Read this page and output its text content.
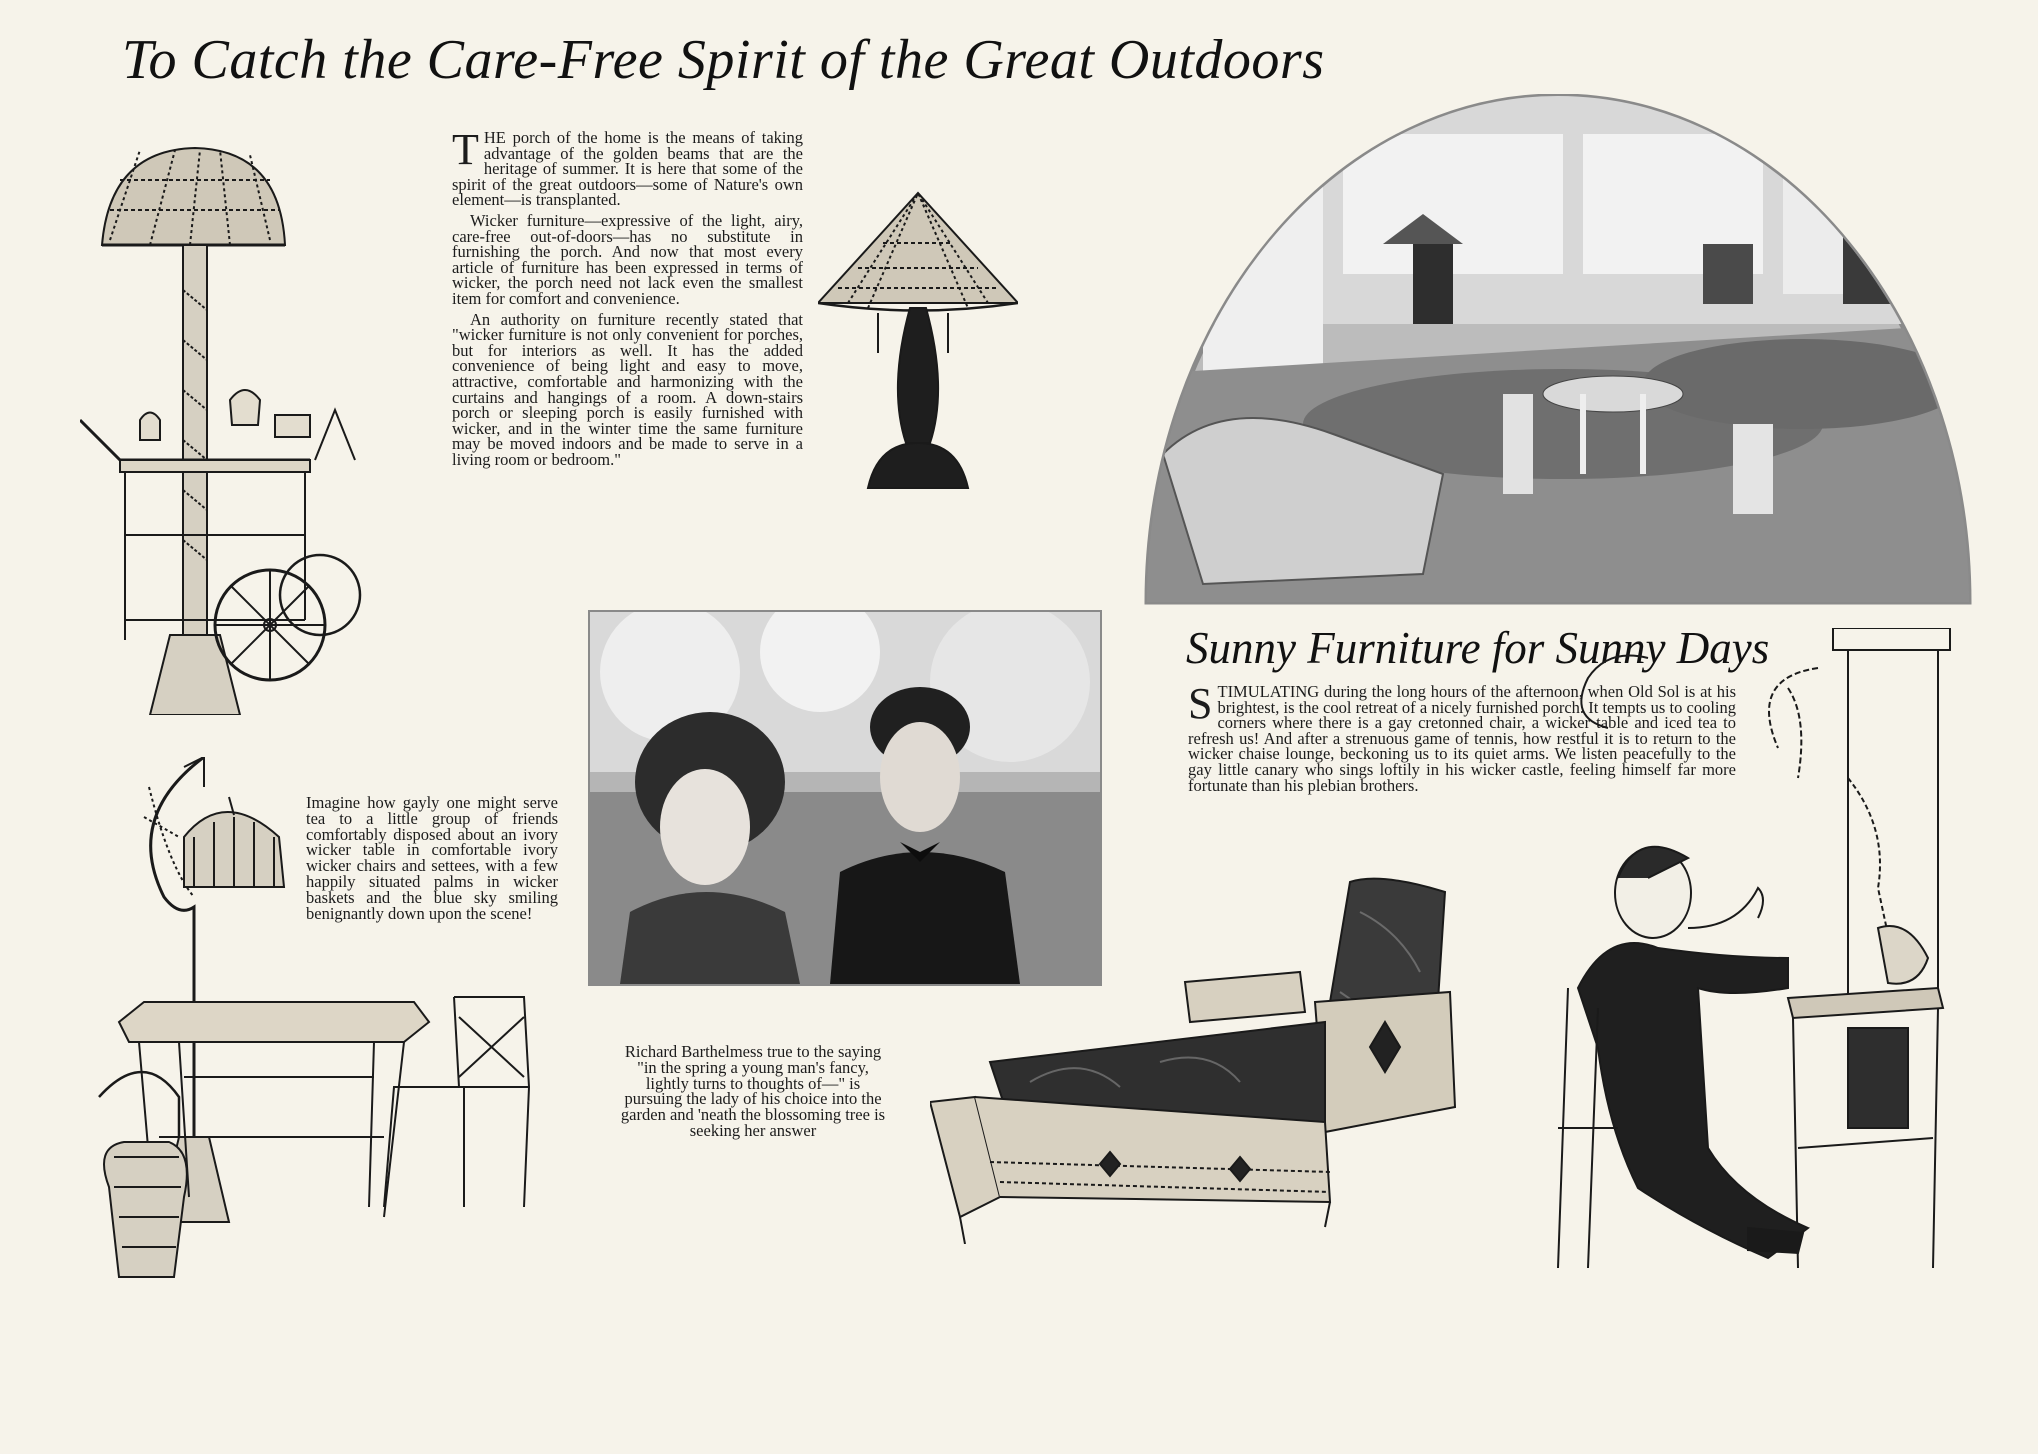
To Catch the Care-Free Spirit of the Great Outdoors

THE porch of the home is the means of taking advantage of the golden beams that are the heritage of summer. It is here that some of the spirit of the great outdoors—some of Nature's own element—is transplanted.

Wicker furniture—expressive of the light, airy, care-free out-of-doors—has no substitute in furnishing the porch. And now that most every article of furniture has been expressed in terms of wicker, the porch need not lack even the smallest item for comfort and convenience.

An authority on furniture recently stated that "wicker furniture is not only convenient for porches, but for interiors as well. It has the added convenience of being light and easy to move, attractive, comfortable and harmonizing with the curtains and hangings of a room. A down-stairs porch or sleeping porch is easily furnished with wicker, and in the winter time the same furniture may be moved indoors and be made to serve in a living room or bedroom."

Sunny Furniture for Sunny Days

STIMULATING during the long hours of the afternoon, when Old Sol is at his brightest, is the cool retreat of a nicely furnished porch. It tempts us to cooling corners where there is a gay cretonned chair, a wicker table and iced tea to refresh us! And after a strenuous game of tennis, how restful it is to return to the wicker chaise lounge, beckoning us to its quiet arms. We listen peacefully to the gay little canary who sings loftily in his wicker castle, feeling himself far more fortunate than his plebian brothers.

Imagine how gayly one might serve tea to a little group of friends comfortably disposed about an ivory wicker table in comfortable ivory wicker chairs and settees, with a few happily situated palms in wicker baskets and the blue sky smiling benignantly down upon the scene!
Richard Barthelmess true to the saying "in the spring a young man's fancy, lightly turns to thoughts of—" is pursuing the lady of his choice into the garden and 'neath the blossoming tree is seeking her answer
